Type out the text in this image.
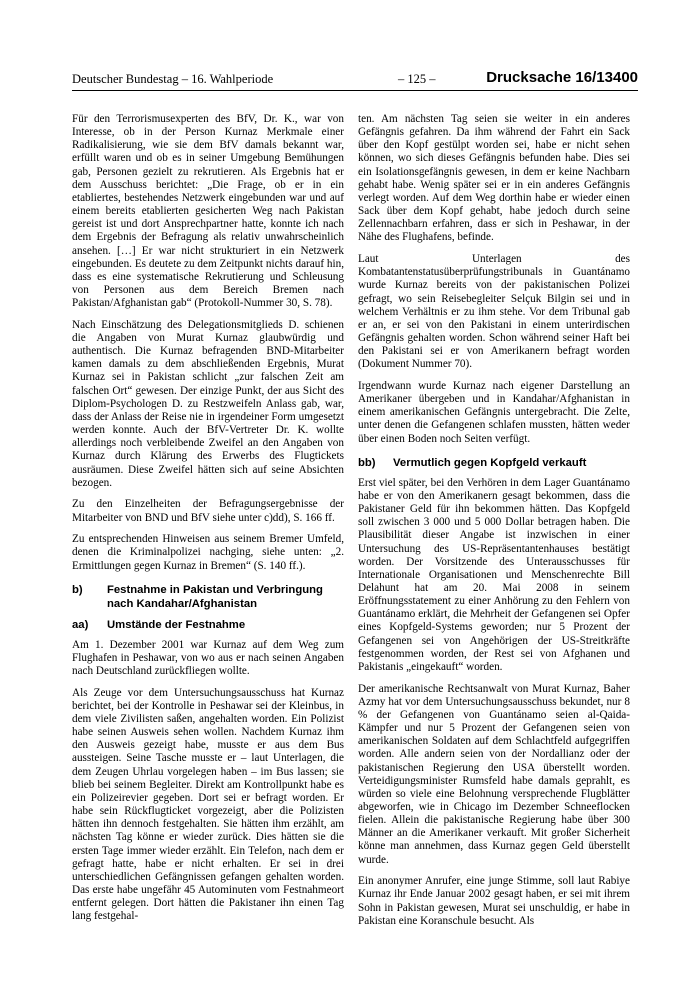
Deutscher Bundestag – 16. Wahlperiode	– 125 –	Drucksache 16/13400

Für den Terrorismusexperten des BfV, Dr. K., war von Interesse, ob in der Person Kurnaz Merkmale einer Radikalisierung, wie sie dem BfV damals bekannt war, erfüllt waren und ob es in seiner Umgebung Bemühungen gab, Personen gezielt zu rekrutieren. Als Ergebnis hat er dem Ausschuss berichtet: „Die Frage, ob er in ein etabliertes, bestehendes Netzwerk eingebunden war und auf einem bereits etablierten gesicherten Weg nach Pakistan gereist ist und dort Ansprechpartner hatte, konnte ich nach dem Ergebnis der Befragung als relativ unwahrscheinlich ansehen. […] Er war nicht strukturiert in ein Netzwerk eingebunden. Es deutete zu dem Zeitpunkt nichts darauf hin, dass es eine systematische Rekrutierung und Schleusung von Personen aus dem Bereich Bremen nach Pakistan/Afghanistan gab“ (Protokoll-Nummer 30, S. 78).

Nach Einschätzung des Delegationsmitglieds D. schienen die Angaben von Murat Kurnaz glaubwürdig und authentisch. Die Kurnaz befragenden BND-Mitarbeiter kamen damals zu dem abschließenden Ergebnis, Murat Kurnaz sei in Pakistan schlicht „zur falschen Zeit am falschen Ort“ gewesen. Der einzige Punkt, der aus Sicht des Diplom-Psychologen D. zu Restzweifeln Anlass gab, war, dass der Anlass der Reise nie in irgendeiner Form umgesetzt werden konnte. Auch der BfV-Vertreter Dr. K. wollte allerdings noch verbleibende Zweifel an den Angaben von Kurnaz durch Klärung des Erwerbs des Flugtickets ausräumen. Diese Zweifel hätten sich auf seine Absichten bezogen.

Zu den Einzelheiten der Befragungsergebnisse der Mitarbeiter von BND und BfV siehe unter c)dd), S. 166 ff.

Zu entsprechenden Hinweisen aus seinem Bremer Umfeld, denen die Kriminalpolizei nachging, siehe unten: „2. Ermittlungen gegen Kurnaz in Bremen“ (S. 140 ff.).

b)	Festnahme in Pakistan und Verbringung nach Kandahar/Afghanistan
aa)	Umstände der Festnahme

Am 1. Dezember 2001 war Kurnaz auf dem Weg zum Flughafen in Peshawar, von wo aus er nach seinen Angaben nach Deutschland zurückfliegen wollte.

Als Zeuge vor dem Untersuchungsausschuss hat Kurnaz berichtet, bei der Kontrolle in Peshawar sei der Kleinbus, in dem viele Zivilisten saßen, angehalten worden. Ein Polizist habe seinen Ausweis sehen wollen. Nachdem Kurnaz ihm den Ausweis gezeigt habe, musste er aus dem Bus aussteigen. Seine Tasche musste er – laut Unterlagen, die dem Zeugen Uhrlau vorgelegen haben – im Bus lassen; sie blieb bei seinem Begleiter. Direkt am Kontrollpunkt habe es ein Polizeirevier gegeben. Dort sei er befragt worden. Er habe sein Rückflugticket vorgezeigt, aber die Polizisten hätten ihn dennoch festgehalten. Sie hätten ihm erzählt, am nächsten Tag könne er wieder zurück. Dies hätten sie die ersten Tage immer wieder erzählt. Ein Telefon, nach dem er gefragt hatte, habe er nicht erhalten. Er sei in drei unterschiedlichen Gefängnissen gefangen gehalten worden. Das erste habe ungefähr 45 Autominuten vom Festnahmeort entfernt gelegen. Dort hätten die Pakistaner ihn einen Tag lang festgehal-

ten. Am nächsten Tag seien sie weiter in ein anderes Gefängnis gefahren. Da ihm während der Fahrt ein Sack über den Kopf gestülpt worden sei, habe er nicht sehen können, wo sich dieses Gefängnis befunden habe. Dies sei ein Isolationsgefängnis gewesen, in dem er keine Nachbarn gehabt habe. Wenig später sei er in ein anderes Gefängnis verlegt worden. Auf dem Weg dorthin habe er wieder einen Sack über dem Kopf gehabt, habe jedoch durch seine Zellennachbarn erfahren, dass er sich in Peshawar, in der Nähe des Flughafens, befinde.

Laut Unterlagen des Kombatantenstatusüberprüfungstribunals in Guantánamo wurde Kurnaz bereits von der pakistanischen Polizei gefragt, wo sein Reisebegleiter Selçuk Bilgin sei und in welchem Verhältnis er zu ihm stehe. Vor dem Tribunal gab er an, er sei von den Pakistani in einem unterirdischen Gefängnis gehalten worden. Schon während seiner Haft bei den Pakistani sei er von Amerikanern befragt worden (Dokument Nummer 70).

Irgendwann wurde Kurnaz nach eigener Darstellung an Amerikaner übergeben und in Kandahar/Afghanistan in einem amerikanischen Gefängnis untergebracht. Die Zelte, unter denen die Gefangenen schlafen mussten, hätten weder über einen Boden noch Seiten verfügt.

bb)	Vermutlich gegen Kopfgeld verkauft

Erst viel später, bei den Verhören in dem Lager Guantánamo habe er von den Amerikanern gesagt bekommen, dass die Pakistaner Geld für ihn bekommen hätten. Das Kopfgeld soll zwischen 3 000 und 5 000 Dollar betragen haben. Die Plausibilität dieser Angabe ist inzwischen in einer Untersuchung des US-Repräsentantenhauses bestätigt worden. Der Vorsitzende des Unterausschusses für Internationale Organisationen und Menschenrechte Bill Delahunt hat am 20. Mai 2008 in seinem Eröffnungsstatement zu einer Anhörung zu den Fehlern von Guantánamo erklärt, die Mehrheit der Gefangenen sei Opfer eines Kopfgeld-Systems geworden; nur 5 Prozent der Gefangenen sei von Angehörigen der US-Streitkräfte festgenommen worden, der Rest sei von Afghanen und Pakistanis „eingekauft“ worden.

Der amerikanische Rechtsanwalt von Murat Kurnaz, Baher Azmy hat vor dem Untersuchungsausschuss bekundet, nur 8 % der Gefangenen von Guantánamo seien al-Qaida-Kämpfer und nur 5 Prozent der Gefangenen seien von amerikanischen Soldaten auf dem Schlachtfeld aufgegriffen worden. Alle andern seien von der Nordallianz oder der pakistanischen Regierung den USA überstellt worden. Verteidigungsminister Rumsfeld habe damals geprahlt, es würden so viele eine Belohnung versprechende Flugblätter abgeworfen, wie in Chicago im Dezember Schneeflocken fielen. Allein die pakistanische Regierung habe über 300 Männer an die Amerikaner verkauft. Mit großer Sicherheit könne man annehmen, dass Kurnaz gegen Geld überstellt wurde.

Ein anonymer Anrufer, eine junge Stimme, soll laut Rabiye Kurnaz ihr Ende Januar 2002 gesagt haben, er sei mit ihrem Sohn in Pakistan gewesen, Murat sei unschuldig, er habe in Pakistan eine Koranschule besucht. Als
